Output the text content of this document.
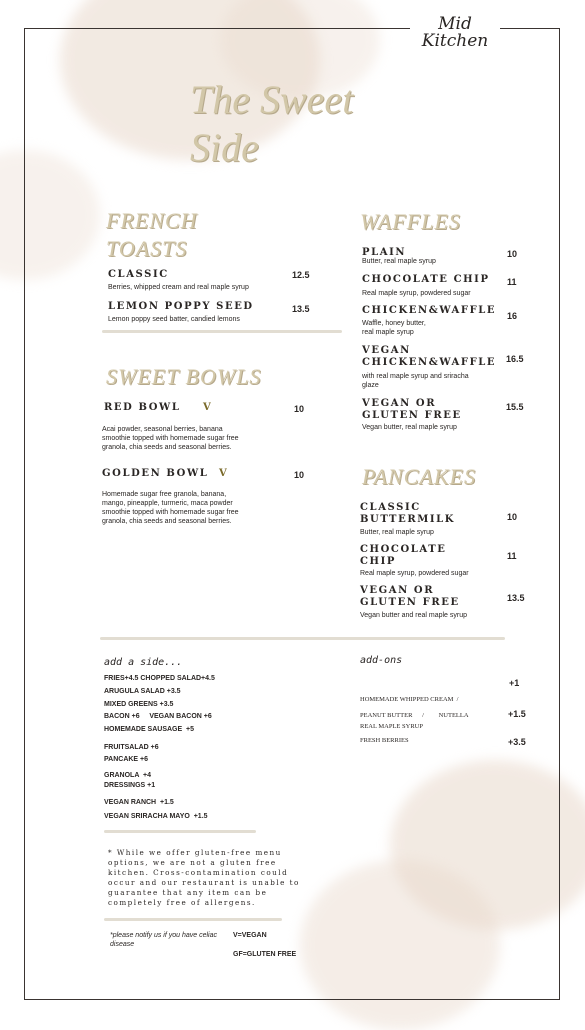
Mid
Kitchen
The Sweet
Side
FRENCH
TOASTS
CLASSIC	12.5
Berries, whipped cream and real maple syrup
LEMON POPPY SEED	13.5
Lemon poppy seed batter, candied lemons
SWEET BOWLS
RED BOWL V	10
Acai powder, seasonal berries, banana
smoothie topped with homemade sugar free
granola, chia seeds and seasonal berries.
GOLDEN BOWL V	10
Homemade sugar free granola, banana,
mango, pineapple, turmeric, maca powder
smoothie topped with homemade sugar free
granola, chia seeds and seasonal berries.
WAFFLES
PLAIN	10
Butter, real maple syrup
CHOCOLATE CHIP 11
Real maple syrup, powdered sugar
CHICKEN&WAFFLE 16
Waffle, honey butter,
real maple syrup
VEGAN
CHICKEN&WAFFLE 16.5
with real maple syrup and sriracha
glaze
VEGAN OR
GLUTEN FREE
15.5
Vegan butter, real maple syrup
PANCAKES
CLASSIC
BUTTERMILK	10
Butter, real maple syrup
CHOCOLATE
CHIP	11
Real maple syrup, powdered sugar
VEGAN OR
GLUTEN FREE	13.5
Vegan butter and real maple syrup
add a side...
FRIES+4.5 CHOPPED SALAD+4.5
ARUGULA SALAD +3.5
MIXED GREENS +3.5
BACON +6     VEGAN BACON +6
HOMEMADE SAUSAGE  +5
FRUITSALAD +6
PANCAKE +6
GRANOLA  +4
DRESSINGS +1
VEGAN RANCH  +1.5
VEGAN SRIRACHA MAYO  +1.5
add-ons

HOMEMADE WHIPPED CREAM  /

REAL MAPLE SYRUP

+1
PEANUT BUTTER      /         NUTELLA	+1.5
FRESH BERRIES	+3.5
* While we offer gluten-free menu
options, we are not a gluten free
kitchen. Cross-contamination could
occur and our restaurant is unable to
guarantee that any item can be
completely free of allergens.
*please notify us if you have celiac
disease
V=VEGAN
GF=GLUTEN FREE
